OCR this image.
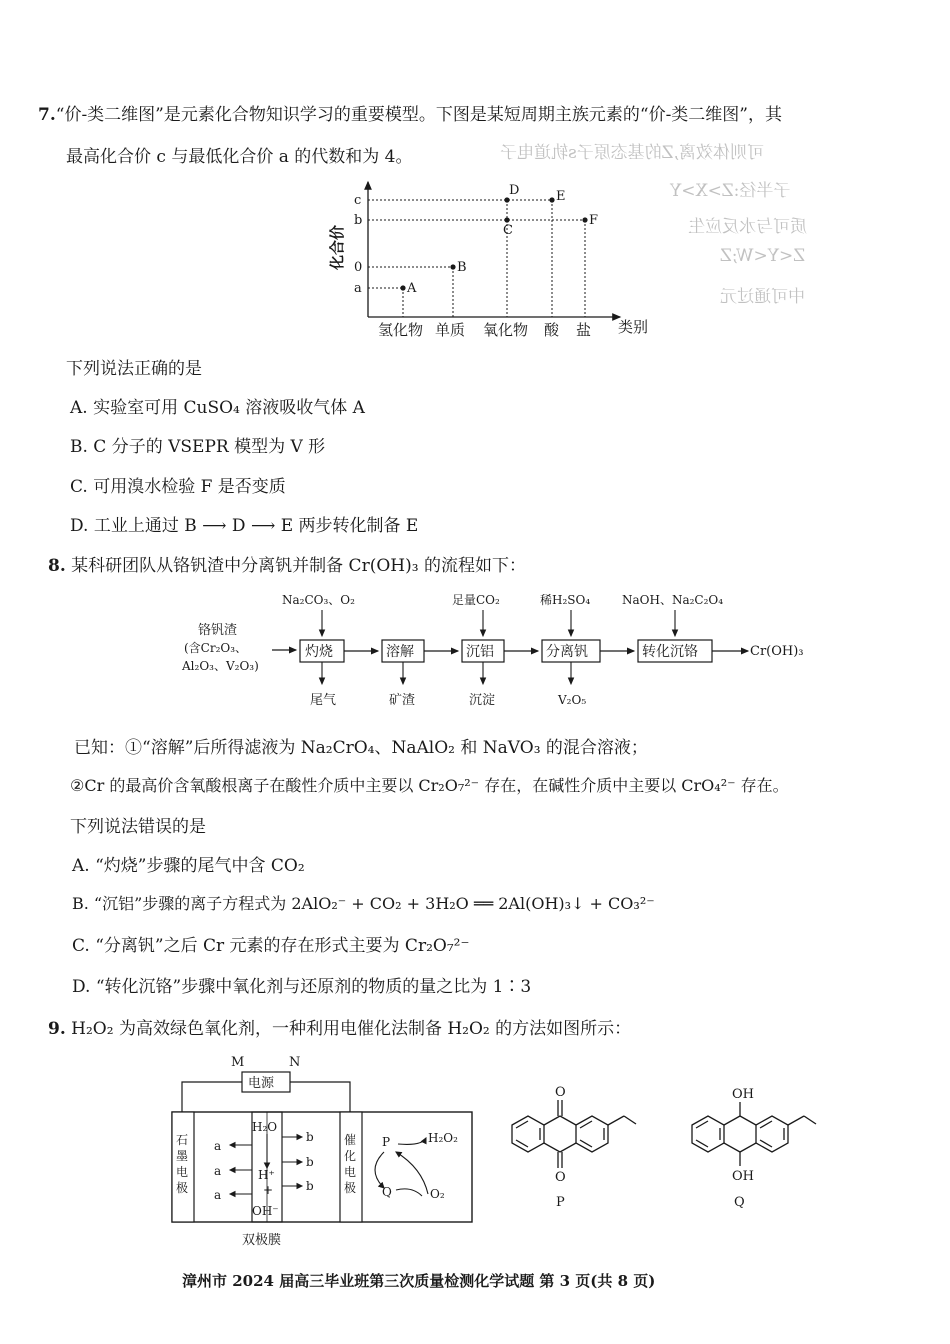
7.“价-类二维图”是元素化合物知识学习的重要模型。下图是某短周期主族元素的“价-类二维图”，其
最高化合价 c 与最低化合价 a 的代数和为 4。	可则体效离,Z的基态原子s轨道电子
子半径:Z>X>Y
质可与水反应生
Z<Y<W;Z
中可通过元
化合价
c
b
0
a	A
B
C
D	E
F
氢化物 单质 氧化物 酸 盐 类别
下列说法正确的是
A. 实验室可用 CuSO₄ 溶液吸收气体 A
B. C 分子的 VSEPR 模型为 V 形
C. 可用溴水检验 F 是否变质
D. 工业上通过 B ⟶ D ⟶ E 两步转化制备 E
8. 某科研团队从铬钒渣中分离钒并制备 Cr(OH)₃ 的流程如下：
铬钒渣
(含Cr₂O₃、
Al₂O₃、V₂O₃)
灼烧	溶解	沉铝	分离钒	转化沉铬	Cr(OH)₃
Na₂CO₃、O₂	足量CO₂	稀H₂SO₄	NaOH、Na₂C₂O₄
尾气	矿渣	沉淀	V₂O₅
已知：①“溶解”后所得滤液为 Na₂CrO₄、NaAlO₂ 和 NaVO₃ 的混合溶液；
②Cr 的最高价含氧酸根离子在酸性介质中主要以 Cr₂O₇²⁻ 存在，在碱性介质中主要以 CrO₄²⁻ 存在。
下列说法错误的是
A. “灼烧”步骤的尾气中含 CO₂
B. “沉铝”步骤的离子方程式为 2AlO₂⁻ + CO₂ + 3H₂O ══ 2Al(OH)₃↓ + CO₃²⁻
C. “分离钒”之后 Cr 元素的存在形式主要为 Cr₂O₇²⁻
D. “转化沉铬”步骤中氧化剂与还原剂的物质的量之比为 1∶3
9. H₂O₂ 为高效绿色氧化剂，一种利用电催化法制备 H₂O₂ 的方法如图所示：
M	N
电源
石
墨
电
极
催
化
电
极
H₂O
H⁺
+
OH⁻
a
a
a
b
b
b
P
Q
H₂O₂
O₂
双极膜
O
O
P
OH
OH
Q
漳州市 2024 届高三毕业班第三次质量检测化学试题 第 3 页(共 8 页)
